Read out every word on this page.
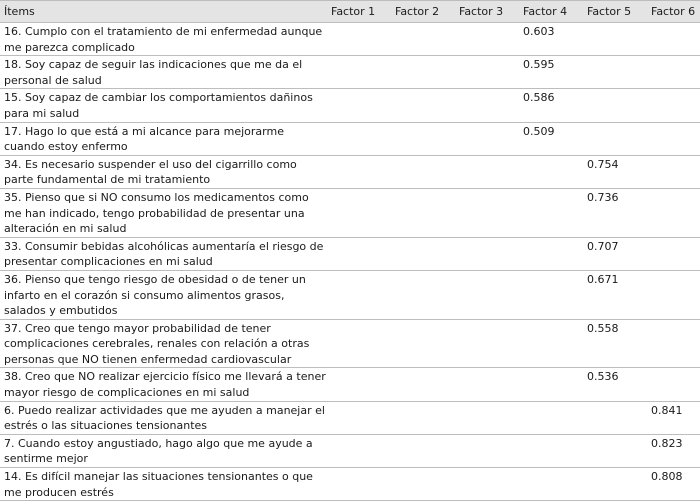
Ítems	Factor 1	Factor 2	Factor 3	Factor 4	Factor 5	Factor 6
16. Cumplo con el tratamiento de mi enfermedad aunque me parezca complicado				0.603		
18. Soy capaz de seguir las indicaciones que me da el personal de salud				0.595		
15. Soy capaz de cambiar los comportamientos dañinos para mi salud				0.586		
17. Hago lo que está a mi alcance para mejorarme cuando estoy enfermo				0.509		
34. Es necesario suspender el uso del cigarrillo como parte fundamental de mi tratamiento					0.754	
35. Pienso que si NO consumo los medicamentos como me han indicado, tengo probabilidad de presentar una alteración en mi salud					0.736	
33. Consumir bebidas alcohólicas aumentaría el riesgo de presentar complicaciones en mi salud					0.707	
36. Pienso que tengo riesgo de obesidad o de tener un infarto en el corazón si consumo alimentos grasos, salados y embutidos					0.671	
37. Creo que tengo mayor probabilidad de tener complicaciones cerebrales, renales con relación a otras personas que NO tienen enfermedad cardiovascular					0.558	
38. Creo que NO realizar ejercicio físico me llevará a tener mayor riesgo de complicaciones en mi salud					0.536	
6. Puedo realizar actividades que me ayuden a manejar el estrés o las situaciones tensionantes						0.841
7. Cuando estoy angustiado, hago algo que me ayude a sentirme mejor						0.823
14. Es difícil manejar las situaciones tensionantes o que me producen estrés						0.808
